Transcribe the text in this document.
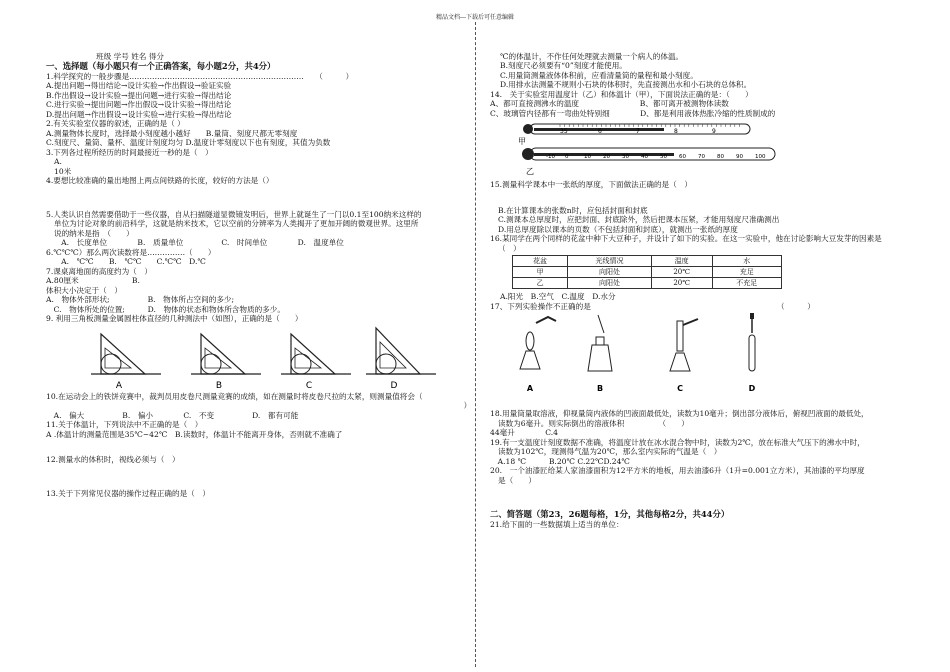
精品文档---下载后可任意编辑
班级 学号 姓名 得分
一、选择题（每小题只有一个正确答案，每小题2分，共4分）
1.科学探究的一般步骤是……………………………………………………………　　（　　　）
A.提出问题→得出结论→设计实验→作出假设→验证实验
B.作出假设→设计实验→提出问题→进行实验→得出结论
C.进行实验→提出问题→作出假设→设计实验→得出结论
D.提出问题→作出假设→设计实验→进行实验→得出结论
2.有关实验室仪器的叙述，正确的是（ ）
A.测量物体长度时，选择最小刻度越小越好　　B.量筒、刻度尺都无零刻度
C.刻度尺、量筒、量杯、温度计刻度均匀 D.温度计零刻度以下也有刻度，其值为负数
3.下列各过程所经历的时间最接近一秒的是（　）
A.
10米
4.要想比较准确的量出地图上两点间铁路的长度，较好的方法是（）
5.人类认识自然需要借助于一些仪器，自从扫描隧道显微镜发明后，世界上就诞生了一门以0.1至100纳米这样的
单位为讨论对象的前沿科学，这就是纳米技术，它以空前的分辨率为人类揭开了更加开阔的微观世界。这里所
说的纳米是指　（　　）
　　A.　长度单位　　　　B.　质量单位　　　　　C.　时间单位　　　　D.　温度单位
6.℃℃℃）那么两次读数将是……………（　　）
　　A.　℃℃　　B.　℃℃　　C.℃℃　D.℃
7.课桌离地面的高度约为（　）
A.80厘米　　　　　　　B.
体积大小决定于（　）
A.　物体外部形状;　　　　　B.　物体所占空间的多少;
　C.　物体所处的位置;　　　D.　物体的状态和物体所含物质的多少。
9. 利用三角板测量金属圆柱体直径的几种测法中（如图），正确的是（　　）
A	B	C	D
10.在运动会上的铁饼竞赛中，裁判员用皮卷尺测量竞赛的成绩，如在测量时将皮卷尺拉的太紧，则测量值将会（
　）
　A.　偏大　　　　　B.　偏小　　　　C.　不变　　　　　D.　都有可能
11.关于体温计，下列说法中不正确的是（　）
A .体温计的测量范围是35℃~42℃　B.读数时，体温计不能离开身体，否则就不准确了
12.测量水的体积时，视线必须与（　）
13.关于下列常见仪器的操作过程正确的是（　）
℃的体温计，不作任何处理就去测量一个病人的体温。
B.刻度尺必须要有“0”刻度才能使用。
C.用量筒测量液体体积前，应看清量筒的量程和最小刻度。
D.用排水法测量不规则小石块的体积时，先直接测出水和小石块的总体积。
14.　关于实验室用温度计（乙）和体温计（甲），下面说法正确的是：（　　）
A、都可直接测沸水的温度　　　　　　　　B、都可离开被测物体读数
C、玻璃管内径都有一弯曲处特别细　　　　D、都是利用液体热胀冷缩的性质制成的
35	6	7	8	9
甲
-10 0	10 20 30 40 50 60 70 80 90 100
乙
15.测量科学课本中一张纸的厚度，下面做法正确的是（　）
B.在计算课本的张数n时，应包括封面和封底
C.测课本总厚度时，应把封面、封底除外，然后把课本压紧，才能用刻度尺准确测出
D.用总厚度除以课本的页数（不包括封面和封底），就测出一张纸的厚度
16.某同学在两个同样的花盆中种下大豆种子，并设计了如下的实验。在这一实验中，他在讨论影响大豆发芽的因素是
（　）
花盆	光线情况	温度	水
甲	向阳处	20℃	充足
乙	向阳处	20℃	不充足
A.阳光　B.空气　C.温度　D.水分
17、下列实验操作不正确的是　　　　　　　　　　　　　　　　　　　　　　　　　（　　　）
A	B	C	D
18.用量筒量取溶液，仰视量筒内液体的凹液面最低处，读数为10毫升；倒出部分液体后，俯视凹液面的最低处，
读数为6毫升。则实际倒出的溶液体积　　　　　（　　）
44毫升　　　　C.4
19.有一支温度计刻度数据不准确，将温度计放在冰水混合物中时，读数为2℃，放在标准大气压下的沸水中时，
读数为102℃，现测得气温为20℃，那么室内实际的气温是（　）
　A.18 ℃　　　B.20℃ C.22℃D.24℃
20.　一个油漆匠给某人家油漆面积为12平方米的地板，用去油漆6升（1升=0.001立方米），其油漆的平均厚度
是（　　）
二、简答题（第23，26题每格，1分，其他每格2分，共44分）
21.给下面的一些数据填上适当的单位：
